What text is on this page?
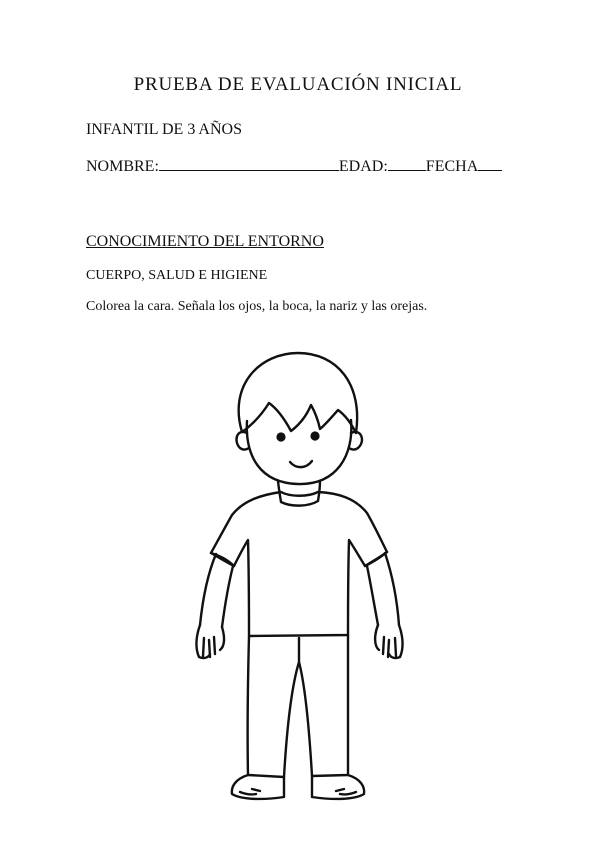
PRUEBA DE EVALUACIÓN INICIAL
INFANTIL DE 3 AÑOS
NOMBRE:	EDAD: FECHA
CONOCIMIENTO DEL ENTORNO
CUERPO, SALUD E HIGIENE
Colorea la cara. Señala los ojos, la boca, la nariz y las orejas.
